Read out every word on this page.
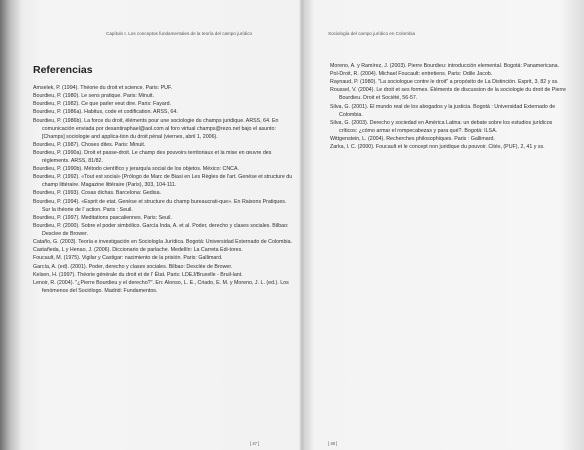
Capítulo I. Los conceptos fundamentales de la teoría del campo jurídico
Referencias

Amselek, P. (1994). Théorie du droit et science. Paris: PUF.

Bourdieu, P. (1980). Le sens pratique. Paris: Minuit.

Bourdieu, P. (1982). Ce que parler veut dire. Paris: Fayard.

Bourdieu, P. (1986a). Habitus, code et codification. ARSS, 64.

Bourdieu, P. (1986b). La force du droit, éléments pour une sociologie du champs juridique. ARSS, 64. En comunicación enviada por desantiraphael@aol.com al foro virtual champs@rezo.net bajo el asunto: [Champs] sociologie and applica-tion du droit pénal (viernes, abril 1, 2006).

Bourdieu, P. (1987). Choses dites. Paris: Minuit.

Bourdieu, P. (1990a). Droit et passe-droit. Le champ des pouvoirs territoriaux et la mise en œuvre des règlements. ARSS, 81/82.

Bourdieu, P. (1990b). Método científico y jerarquía social de los objetos. México: CNCA.

Bourdieu, P. (1992). «Tout est social» [Prólogo de Marc de Biasi en Les Règles de l'art. Genèse et structure du champ littéraire. Magazine littéraire (Paris), 303, 104-111.

Bourdieu, P. (1993). Cosas dichas. Barcelona: Gedisa.

Bourdieu, P. (1994). «Esprit de etat. Genèse et structure du champ bureaucrati-que». En Raisons Pratiques. Sur la théorie de l' action. Paris : Seuil.

Bourdieu, P. (1997). Meditations pascaliennes. Paris: Seuil.

Bourdieu, P. (2000). Sobre el poder simbólico. García Inda, A. et al. Poder, derecho y clases sociales. Bilbao: Desclee de Brower.

Cataño, G. (2003). Teoría e investigación en Sociología Jurídica. Bogotá: Universidad Externado de Colombia.

Castañeda, L y Henao, J. (2006). Diccionario de parlache. Medellín: La Carreta Edi-tores.

Foucault, M. (1975). Vigilar y Castigar: nacimiento de la prisión. Paris: Gallimard.

García, A. (ed). (2001). Poder, derecho y clases sociales. Bilbao: Desclée de Brower.

Kelsen, H. (1997). Théorie générale du droit et de l' État. Paris: LDEJ/Bruxelle - Bruil-lant.

Lenoir, R. (2004). "¿Pierre Bourdieu y el derecho?". En: Alonso, L. E., Criado, E. M. y Moreno, J. L. (ed.). Los fenómenos del Sociólogo. Madrid: Fundamentos.

[ 47 ]
Sociología del campo jurídico en Colombia

Moreno, A. y Ramírez, J. (2003). Pierre Bourdieu: introducción elemental. Bogotá: Panamericana.

Pol-Droit, R. (2004). Michael Foucault: entretiens. Paris: Odile Jacob.

Raynaud, P. (1980). "La sociologue contre le droit" a propósito de La Distinción. Esprit, 3, 82 y ss.

Roussel, V. (2004). Le droit et ses formes. Éléments de discussion de la sociologie du droit de Pierre Bourdieu. Droit et Société, 56-57.

Silva, G. (2001). El mundo real de los abogados y la justicia. Bogotá : Universidad Externado de Colombia.

Silva, G. (2003). Derecho y sociedad en América Latina: un debate sobre los estudios jurídicos críticos: ¿cómo armar el rompecabezas y para qué?. Bogotá: ILSA.

Wittgenstein, L. (2004). Recherches philosophiques. Paris : Gallimard.

Zarka, I. C. (2000). Foucault et le concept non juridique du pouvoir. Cités, (PUF), 2, 41 y ss.

[ 48 ]
